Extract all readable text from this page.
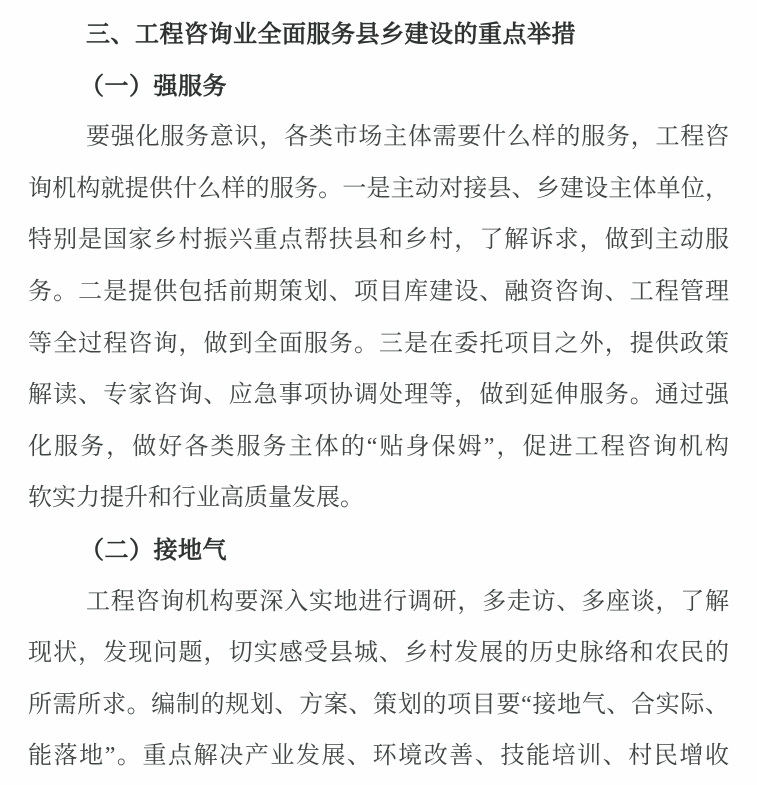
三、工程咨询业全面服务县乡建设的重点举措
（一）强服务
要强化服务意识，各类市场主体需要什么样的服务，工程咨
询机构就提供什么样的服务。一是主动对接县、乡建设主体单位，
特别是国家乡村振兴重点帮扶县和乡村，了解诉求，做到主动服
务。二是提供包括前期策划、项目库建设、融资咨询、工程管理
等全过程咨询，做到全面服务。三是在委托项目之外，提供政策
解读、专家咨询、应急事项协调处理等，做到延伸服务。通过强
化服务，做好各类服务主体的“贴身保姆”，促进工程咨询机构
软实力提升和行业高质量发展。
（二）接地气
工程咨询机构要深入实地进行调研，多走访、多座谈，了解
现状，发现问题，切实感受县城、乡村发展的历史脉络和农民的
所需所求。编制的规划、方案、策划的项目要“接地气、合实际、
能落地”。重点解决产业发展、环境改善、技能培训、村民增收
